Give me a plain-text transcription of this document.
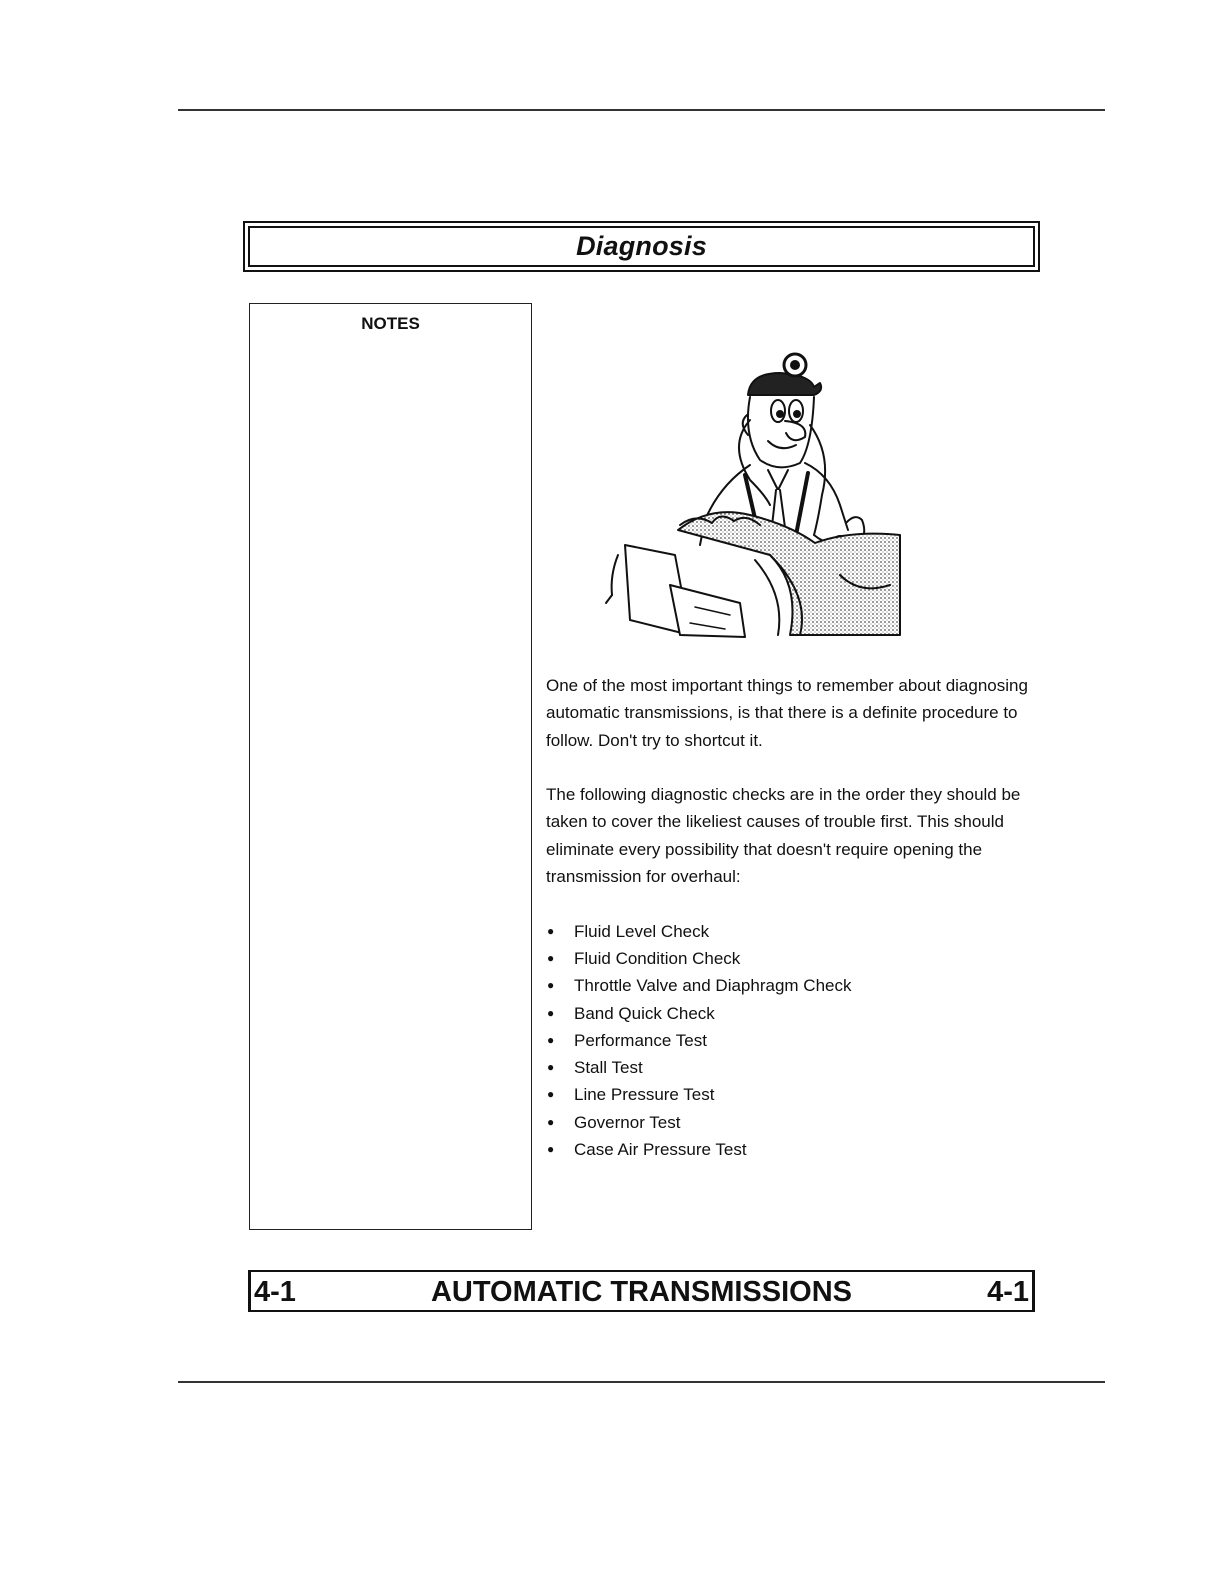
Diagnosis
NOTES

One of the most important things to remember about diagnosing automatic transmissions, is that there is a definite procedure to follow. Don't try to shortcut it.

The following diagnostic checks are in the order they should be taken to cover the likeliest causes of trouble first. This should eliminate every possibility that doesn't require opening the transmission for overhaul:

● Fluid Level Check
● Fluid Condition Check
● Throttle Valve and Diaphragm Check
● Band Quick Check
● Performance Test
● Stall Test
● Line Pressure Test
● Governor Test
● Case Air Pressure Test
AUTOMATIC TRANSMISSIONS
4-1	4-1
